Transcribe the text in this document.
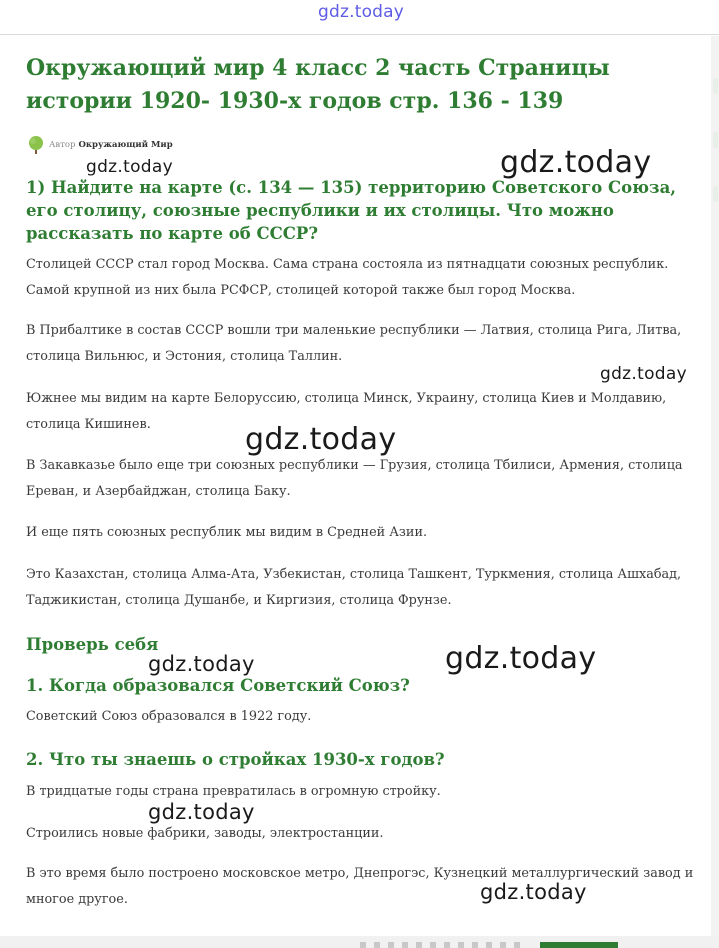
gdz.today
Окружающий мир 4 класс 2 часть Страницы истории 1920- 1930-х годов стр. 136 - 139
Автор Окружающий Мир
1) Найдите на карте (с. 134 — 135) территорию Советского Союза, его столицу, союзные республики и их столицы. Что можно рассказать по карте об СССР?
Столицей СССР стал город Москва. Сама страна состояла из пятнадцати союзных республик. Самой крупной из них была РСФСР, столицей которой также был город Москва.
В Прибалтике в состав СССР вошли три маленькие республики — Латвия, столица Рига, Литва, столица Вильнюс, и Эстония, столица Таллин.
Южнее мы видим на карте Белоруссию, столица Минск, Украину, столица Киев и Молдавию, столица Кишинев.
В Закавказье было еще три союзных республики — Грузия, столица Тбилиси, Армения, столица Ереван, и Азербайджан, столица Баку.
И еще пять союзных республик мы видим в Средней Азии.
Это Казахстан, столица Алма-Ата, Узбекистан, столица Ташкент, Туркмения, столица Ашхабад, Таджикистан, столица Душанбе, и Киргизия, столица Фрунзе.
Проверь себя
1. Когда образовался Советский Союз?
Советский Союз образовался в 1922 году.
2. Что ты знаешь о стройках 1930-х годов?
В тридцатые годы страна превратилась в огромную стройку.
Строились новые фабрики, заводы, электростанции.
В это время было построено московское метро, Днепрогэс, Кузнецкий металлургический завод и многое другое.
gdz.today	gdz.today
gdz.today
gdz.today
gdz.today	gdz.today
gdz.today
gdz.today
